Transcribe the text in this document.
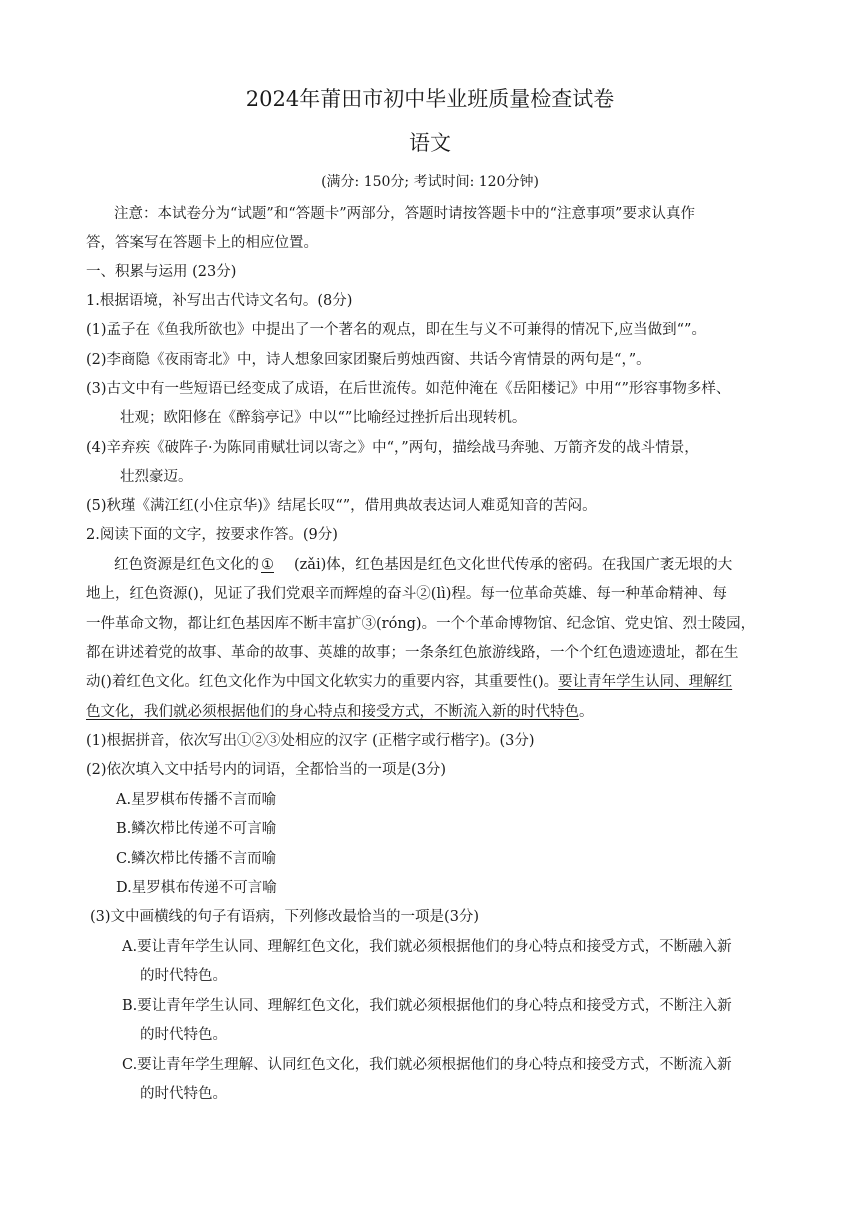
2024年莆田市初中毕业班质量检查试卷
语文
(满分: 150分; 考试时间: 120分钟)
注意：本试卷分为“试题”和“答题卡”两部分，答题时请按答题卡中的“注意事项”要求认真作
答，答案写在答题卡上的相应位置。
一、积累与运用 (23分)
1.根据语境，补写出古代诗文名句。(8分)
(1)孟子在《鱼我所欲也》中提出了一个著名的观点，即在生与义不可兼得的情况下,应当做到“”。
(2)李商隐《夜雨寄北》中，诗人想象回家团聚后剪烛西窗、共话今宵情景的两句是“，”。
(3)古文中有一些短语已经变成了成语，在后世流传。如范仲淹在《岳阳楼记》中用“”形容事物多样、
壮观；欧阳修在《醉翁亭记》中以“”比喻经过挫折后出现转机。
(4)辛弃疾《破阵子·为陈同甫赋壮词以寄之》中“，”两句，描绘战马奔驰、万箭齐发的战斗情景，
壮烈豪迈。
(5)秋瑾《满江红(小住京华)》结尾长叹“”，借用典故表达词人难觅知音的苦闷。
2.阅读下面的文字，按要求作答。(9分)
红色资源是红色文化的 ① (zǎi)体，红色基因是红色文化世代传承的密码。在我国广袤无垠的大
地上，红色资源()，见证了我们党艰辛而辉煌的奋斗②(lì)程。每一位革命英雄、每一种革命精神、每
一件革命文物，都让红色基因库不断丰富扩③(róng)。一个个革命博物馆、纪念馆、党史馆、烈士陵园，
都在讲述着党的故事、革命的故事、英雄的故事；一条条红色旅游线路，一个个红色遗迹遗址，都在生
动()着红色文化。红色文化作为中国文化软实力的重要内容，其重要性()。要让青年学生认同、理解红
色文化，我们就必须根据他们的身心特点和接受方式，不断流入新的时代特色。
(1)根据拼音，依次写出①②③处相应的汉字 (正楷字或行楷字)。(3分)
(2)依次填入文中括号内的词语，全都恰当的一项是(3分)
A.星罗棋布传播不言而喻
B.鳞次栉比传递不可言喻
C.鳞次栉比传播不言而喻
D.星罗棋布传递不可言喻
(3)文中画横线的句子有语病，下列修改最恰当的一项是(3分)
A.要让青年学生认同、理解红色文化，我们就必须根据他们的身心特点和接受方式，不断融入新
的时代特色。
B.要让青年学生认同、理解红色文化，我们就必须根据他们的身心特点和接受方式，不断注入新
的时代特色。
C.要让青年学生理解、认同红色文化，我们就必须根据他们的身心特点和接受方式，不断流入新
的时代特色。
